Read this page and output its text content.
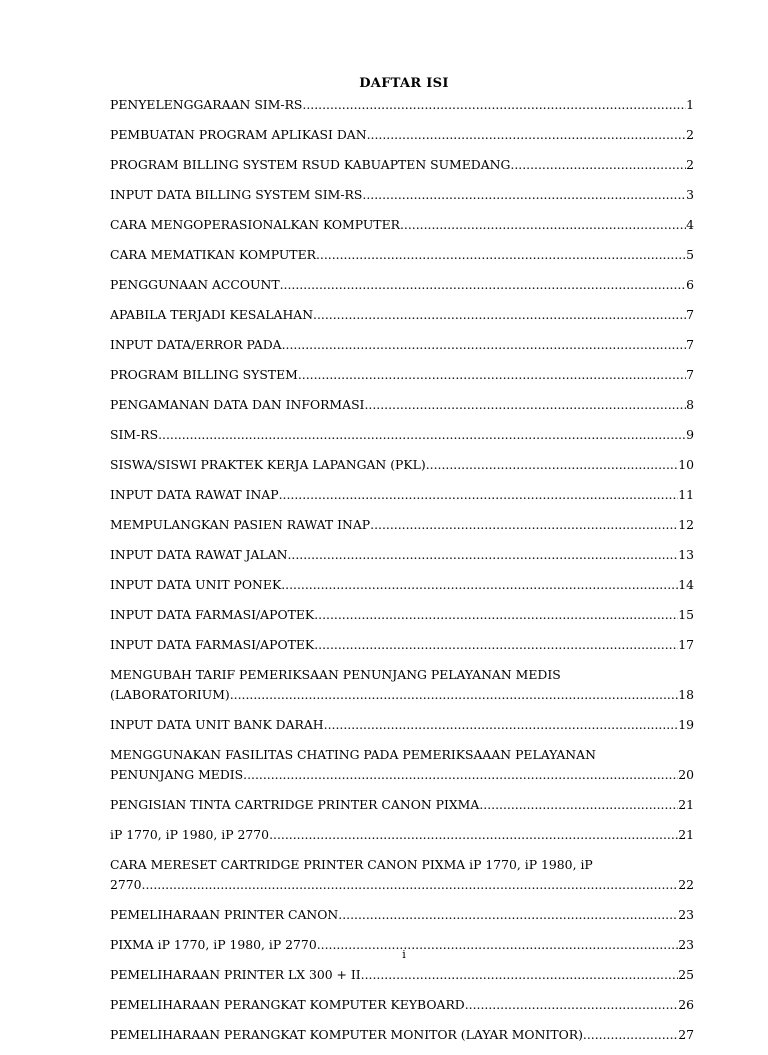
DAFTAR ISI
PENYELENGGARAAN SIM-RS .....	1
PEMBUATAN PROGRAM APLIKASI DAN .....	2
PROGRAM BILLING SYSTEM RSUD KABUAPTEN SUMEDANG .....	2
INPUT DATA BILLING SYSTEM SIM-RS .....	3
CARA MENGOPERASIONALKAN KOMPUTER .....	4
CARA MEMATIKAN KOMPUTER .....	5
PENGGUNAAN ACCOUNT .....	6
APABILA TERJADI KESALAHAN .....	7
INPUT DATA/ERROR PADA .....	7
PROGRAM BILLING SYSTEM .....	7
PENGAMANAN DATA DAN INFORMASI .....	8
SIM-RS .....	9
SISWA/SISWI PRAKTEK KERJA LAPANGAN (PKL) .....	10
INPUT DATA RAWAT INAP .....	11
MEMPULANGKAN PASIEN RAWAT INAP .....	12
INPUT DATA RAWAT JALAN .....	13
INPUT DATA UNIT PONEK .....	14
INPUT DATA FARMASI/APOTEK .....	15
INPUT DATA FARMASI/APOTEK .....	17
MENGUBAH TARIF PEMERIKSAAN PENUNJANG PELAYANAN MEDIS
(LABORATORIUM) .....	18
INPUT DATA UNIT BANK DARAH .....	19
MENGGUNAKAN FASILITAS CHATING PADA PEMERIKSAAAN PELAYANAN
PENUNJANG MEDIS .....	20
PENGISIAN TINTA CARTRIDGE PRINTER CANON PIXMA .....	21
iP 1770, iP 1980, iP 2770 .....	21
CARA MERESET CARTRIDGE PRINTER CANON PIXMA iP 1770, iP 1980, iP
2770 .....	22
PEMELIHARAAN PRINTER CANON .....	23
PIXMA iP 1770, iP 1980, iP 2770 .....	23
PEMELIHARAAN PRINTER LX 300 + II .....	25
PEMELIHARAAN PERANGKAT KOMPUTER KEYBOARD .....	26
PEMELIHARAAN PERANGKAT KOMPUTER MONITOR (LAYAR MONITOR) .....	27
i
